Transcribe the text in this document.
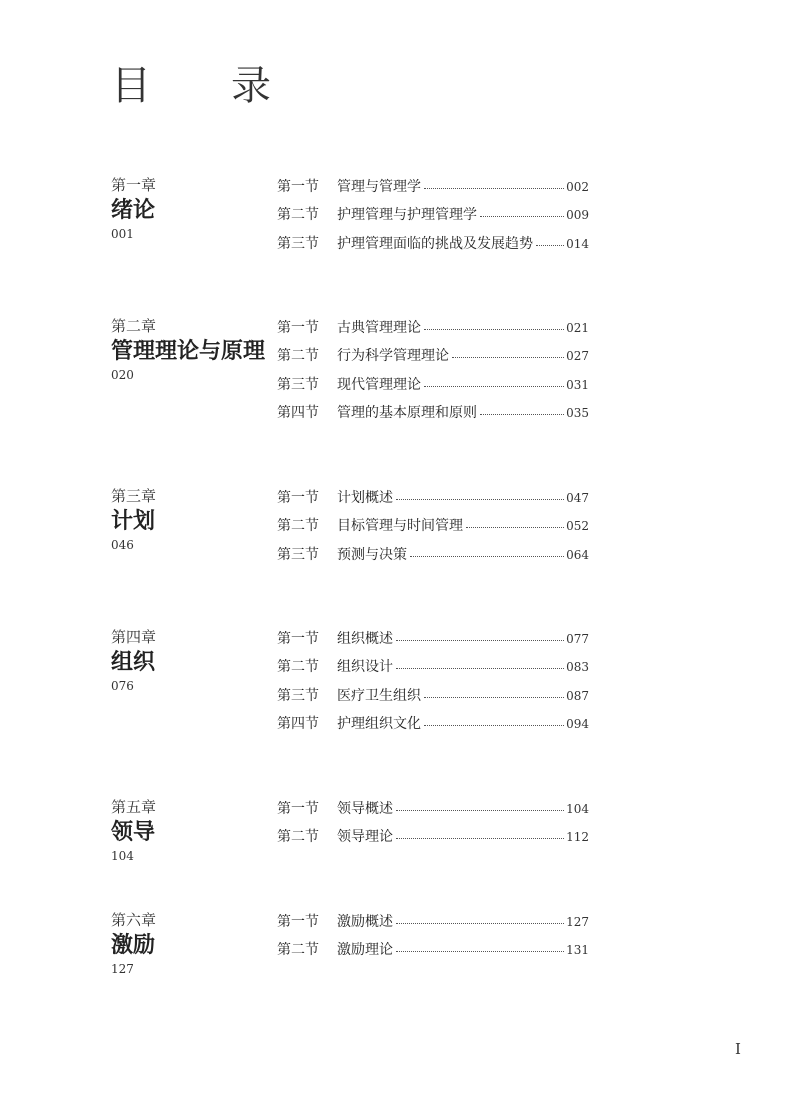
目　录
第一章
绪论
001
第一节	管理与管理学	002
第二节	护理管理与护理管理学	009
第三节	护理管理面临的挑战及发展趋势	014
第二章
管理理论与原理
020
第一节	古典管理理论	021
第二节	行为科学管理理论	027
第三节	现代管理理论	031
第四节	管理的基本原理和原则	035
第三章
计划
046
第一节	计划概述	047
第二节	目标管理与时间管理	052
第三节	预测与决策	064
第四章
组织
076
第一节	组织概述	077
第二节	组织设计	083
第三节	医疗卫生组织	087
第四节	护理组织文化	094
第五章
领导
104
第一节	领导概述	104
第二节	领导理论	112
第六章
激励
127
第一节	激励概述	127
第二节	激励理论	131
I
